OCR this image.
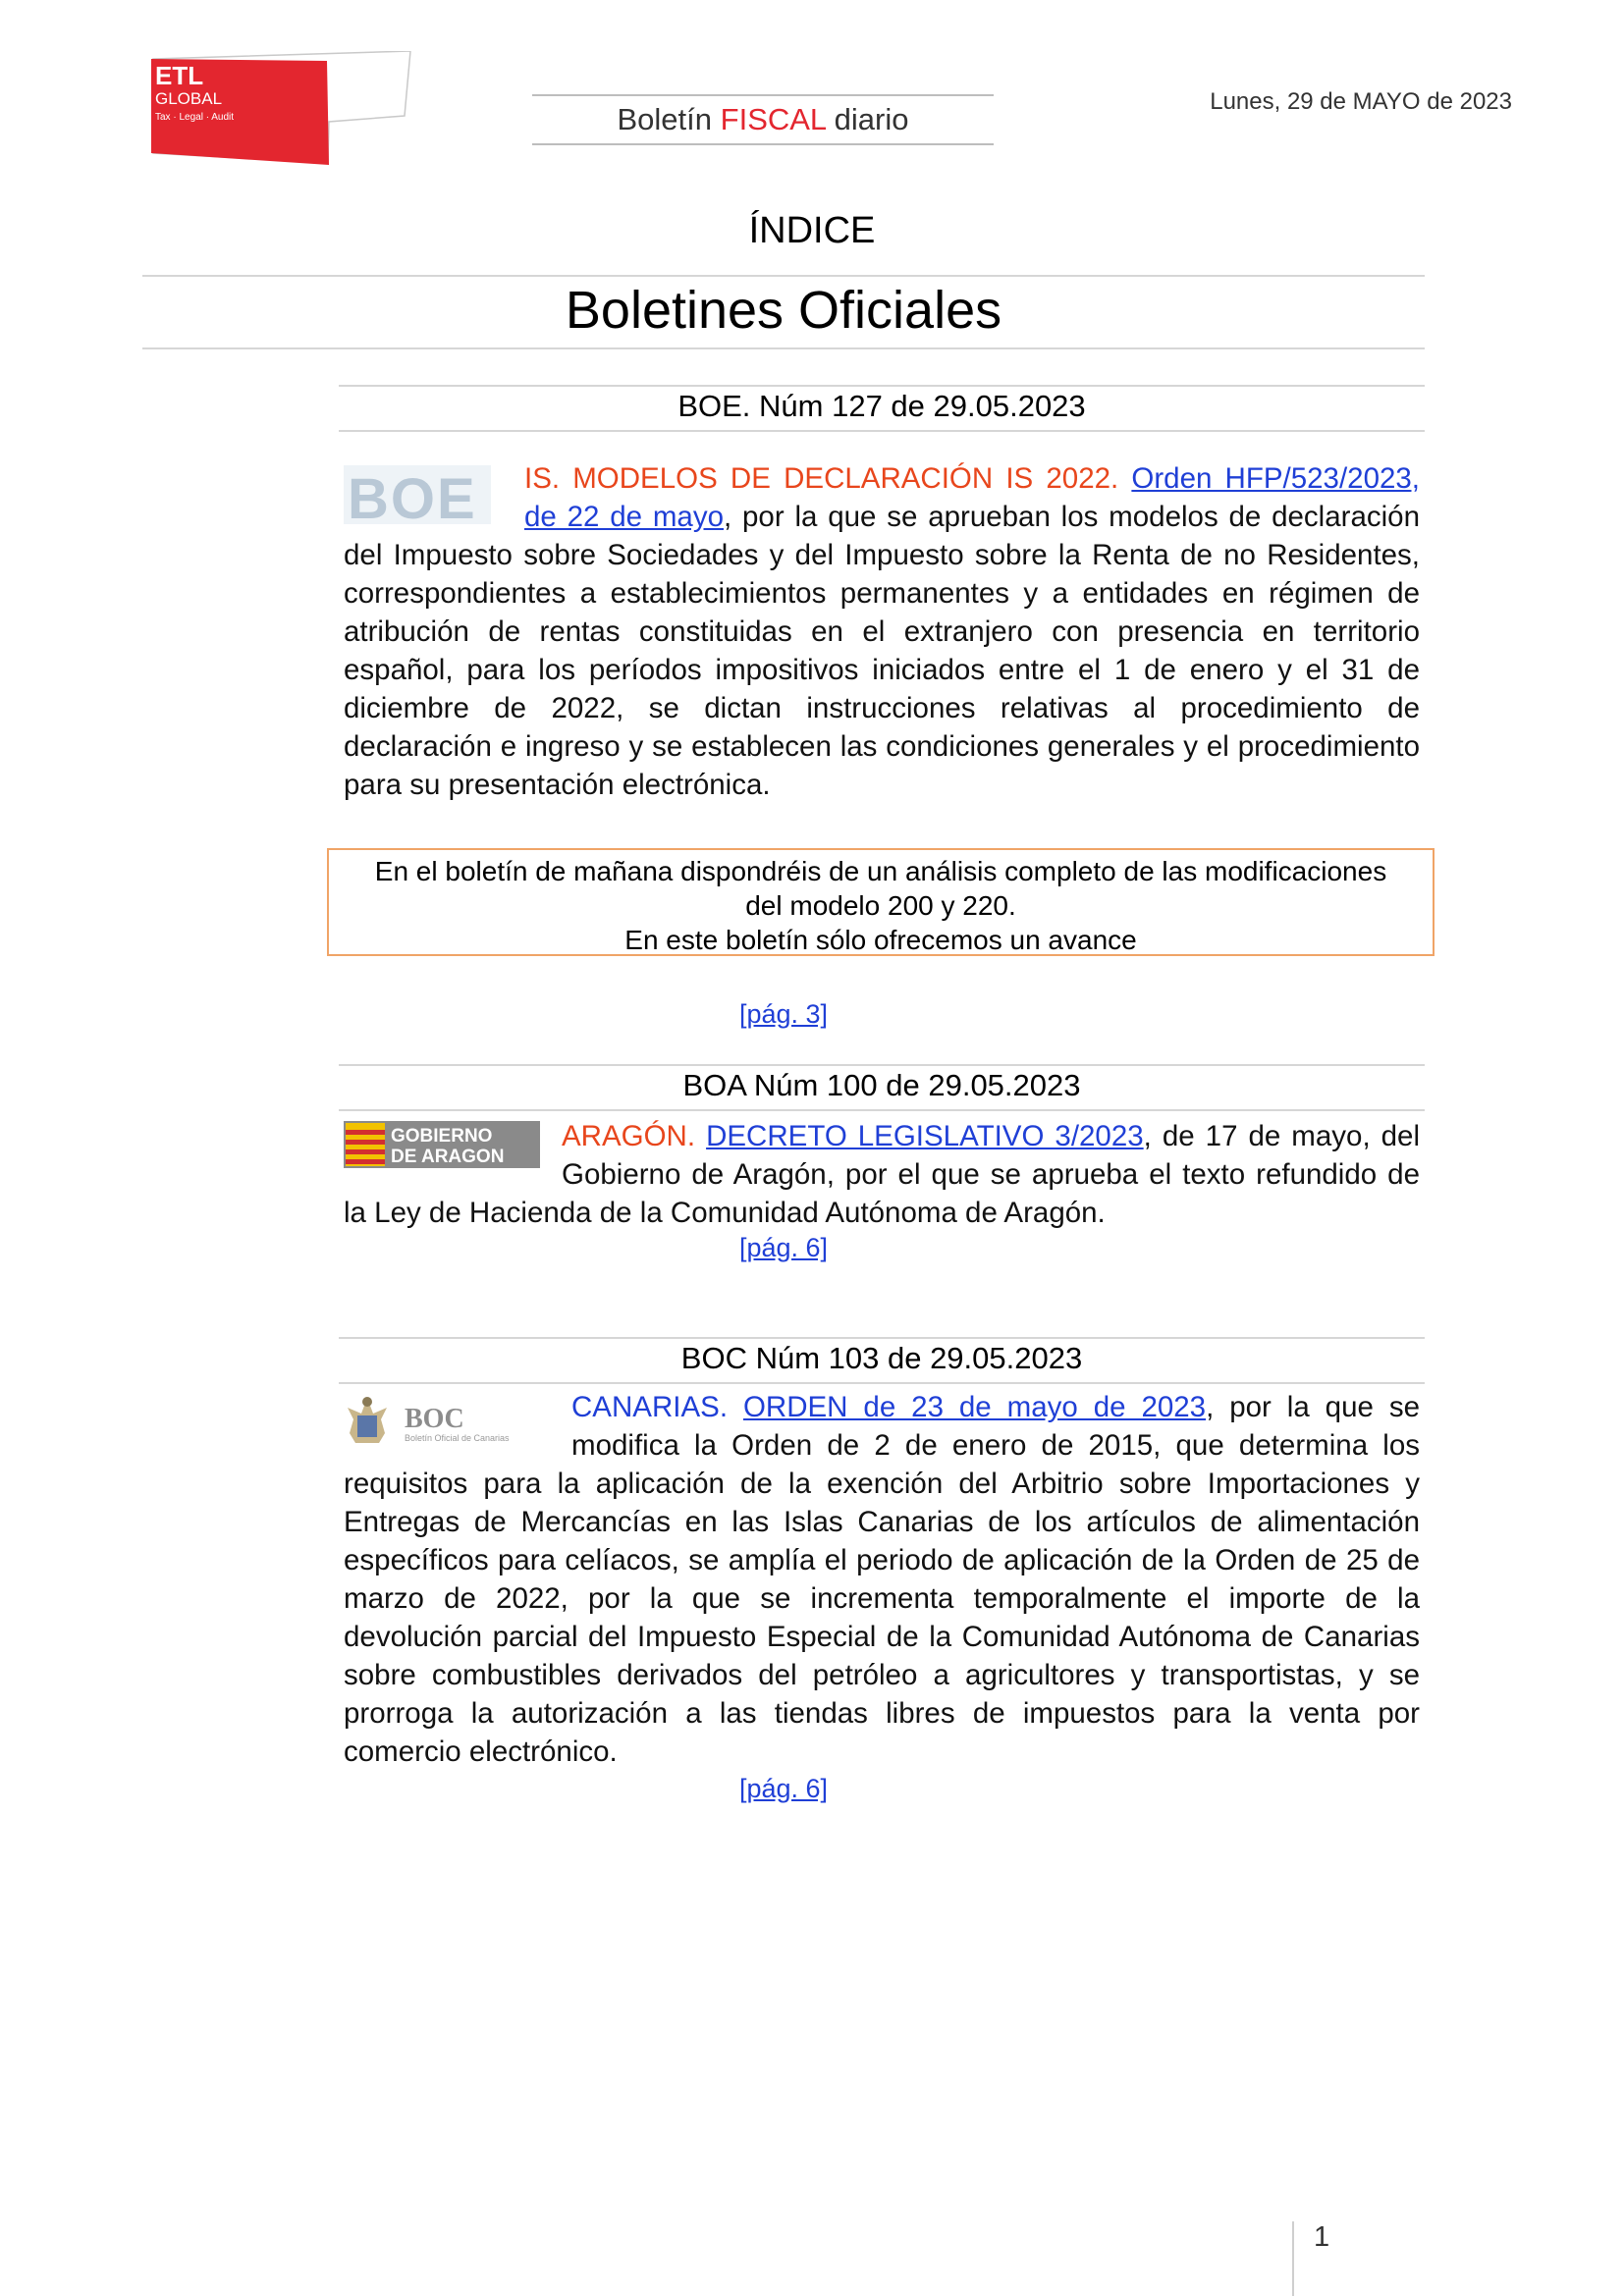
ETL
GLOBAL
Tax · Legal · Audit	Boletín FISCAL diario
Lunes, 29 de MAYO de 2023
ÍNDICE
Boletines Oficiales
BOE. Núm 127 de 29.05.2023
BOE IS. MODELOS DE DECLARACIÓN IS 2022. Orden HFP/523/2023, de 22 de mayo, por la que se aprueban los modelos de declaración del Impuesto sobre Sociedades y del Impuesto sobre la Renta de no Residentes, correspondientes a establecimientos permanentes y a entidades en régimen de atribución de rentas constituidas en el extranjero con presencia en territorio español, para los períodos impositivos iniciados entre el 1 de enero y el 31 de diciembre de 2022, se dictan instrucciones relativas al procedimiento de declaración e ingreso y se establecen las condiciones generales y el procedimiento para su presentación electrónica.
En el boletín de mañana dispondréis de un análisis completo de las modificaciones
del modelo 200 y 220.
En este boletín sólo ofrecemos un avance
[pág. 3]
BOA Núm 100 de 29.05.2023
GOBIERNO
DE ARAGON
ARAGÓN. DECRETO LEGISLATIVO 3/2023, de 17 de mayo, del Gobierno de Aragón, por el que se aprueba el texto refundido de la Ley de Hacienda de la Comunidad Autónoma de Aragón.
[pág. 6]
BOC Núm 103 de 29.05.2023
BOC
Boletín Oficial de Canarias
CANARIAS. ORDEN de 23 de mayo de 2023, por la que se modifica la Orden de 2 de enero de 2015, que determina los requisitos para la aplicación de la exención del Arbitrio sobre Importaciones y Entregas de Mercancías en las Islas Canarias de los artículos de alimentación específicos para celíacos, se amplía el periodo de aplicación de la Orden de 25 de marzo de 2022, por la que se incrementa temporalmente el importe de la devolución parcial del Impuesto Especial de la Comunidad Autónoma de Canarias sobre combustibles derivados del petróleo a agricultores y transportistas, y se prorroga la autorización a las tiendas libres de impuestos para la venta por comercio electrónico.
[pág. 6]
1
